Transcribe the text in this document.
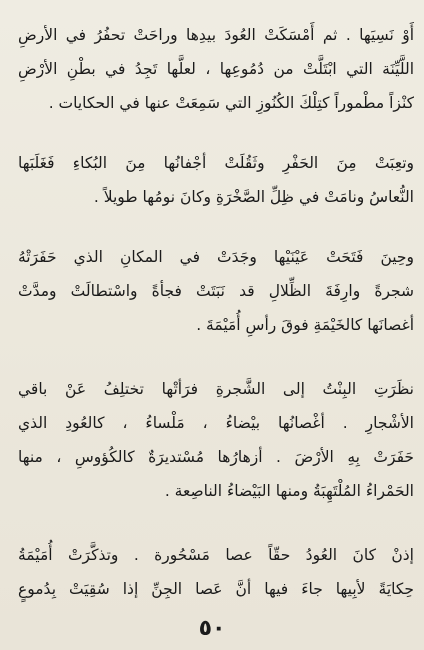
أَوْ نَسِيَها . ثم أَمْسَكَتْ العُودَ بيدِها وراحَتْ تحفُرُ في الأرضِ
اللَّيِّنَة التي ابْتَلَّتْ من دُمُوعِها ، لعلَّها تَجِدُ في بطْنِ الأرْضِ
كنْزاً مطْموراً كتِلْكَ الكُنُوزِ التي سَمِعَتْ عنها في الحكايات .
وتعِبَتْ مِنَ الحَفْرِ وثَقُلَتْ أجْفانُها مِنَ البُكاءِ فَغَلَبَها
النُّعاسُ ونامَتْ في ظِلِّ الصَّخْرَةِ وكانَ نومُها طويلاً .
وحِينَ فَتَحَتْ عَيْنَيْها وجَدَتْ في المكانِ الذي حَفَرَتْهُ
شجرةً وارِفَةَ الظِّلالِ قد نَبَتَتْ فجأةً واسْتطالَتْ ومدَّتْ
أغصانَها كالخَيْمَةِ فوقَ رأسِ أُمَيْمَةَ .
نظَرَتِ البِنْتُ إلى الشَّجرةِ فرَأتْها تختلِفُ عَنْ باقي
الأشْجارِ . أغْصانُها بيْضاءُ ، مَلْساءُ ، كالعُودِ الذي
حَفَرَتْ بِهِ الأرْضَ . أزهارُها مُسْتديرَةٌ كالكُؤوسِ ، منها
الحَمْراءُ المُلْتَهِبَةُ ومنها البَيْضاءُ الناصِعة .
إذنْ كانَ العُودُ حقّاً عصا مَسْحُورة . وتذكَّرَتْ أُمَيْمَةُ
حِكايَةً لأبِيها جاءَ فيها أنَّ عَصا الجِنِّ إذا سُقِيَتْ بِدُموعٍ
٥٠
